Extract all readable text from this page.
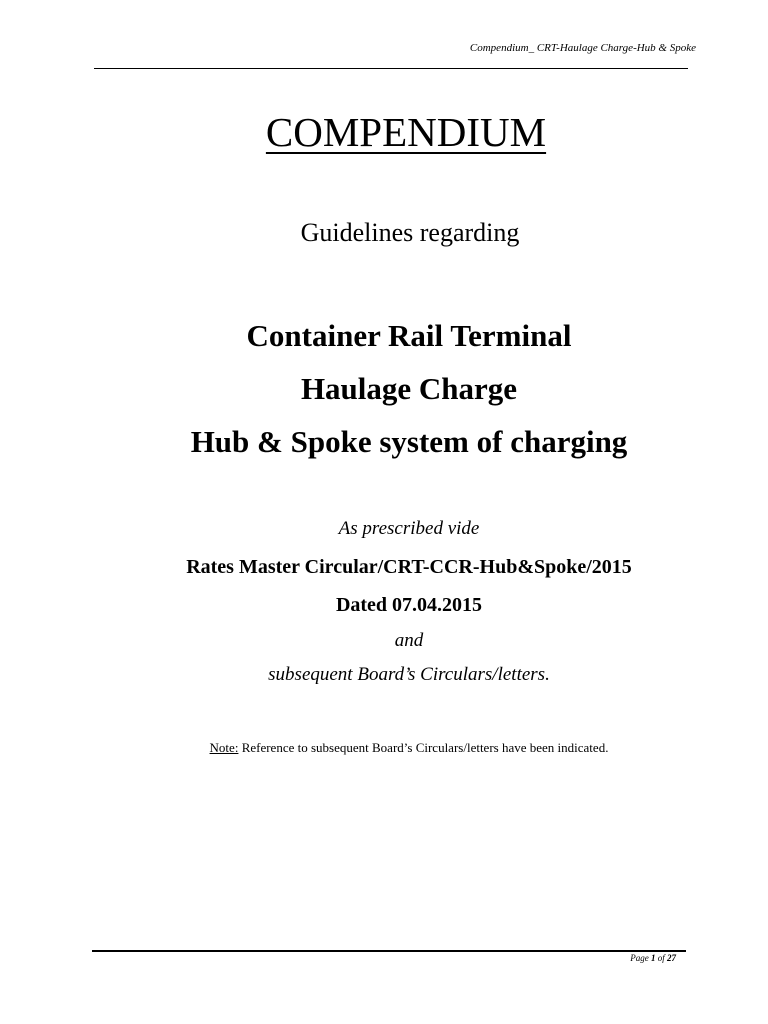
Compendium_ CRT-Haulage Charge-Hub & Spoke
COMPENDIUM
Guidelines regarding
Container Rail Terminal
Haulage Charge
Hub & Spoke system of charging
As prescribed vide
Rates Master Circular/CRT-CCR-Hub&Spoke/2015
Dated 07.04.2015
and
subsequent Board’s Circulars/letters.
Note: Reference to subsequent Board’s Circulars/letters have been indicated.
Page 1 of 27
